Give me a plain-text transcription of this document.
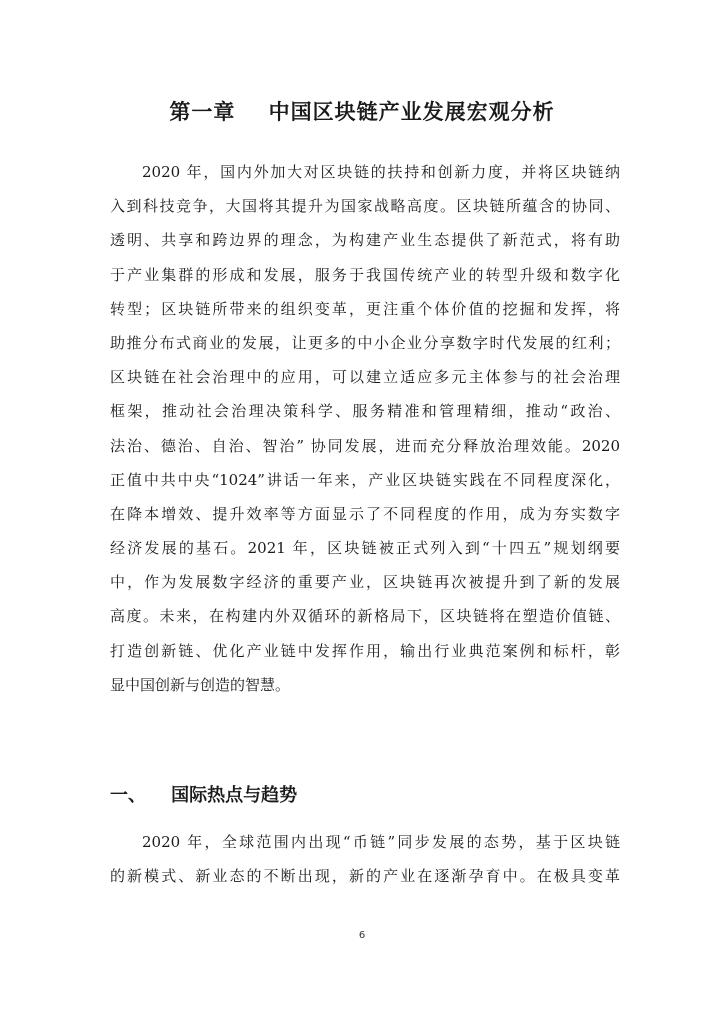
第一章    中国区块链产业发展宏观分析
2020 年，国内外加大对区块链的扶持和创新力度，并将区块链纳
入到科技竞争，大国将其提升为国家战略高度。区块链所蕴含的协同、
透明、共享和跨边界的理念，为构建产业生态提供了新范式，将有助
于产业集群的形成和发展，服务于我国传统产业的转型升级和数字化
转型；区块链所带来的组织变革，更注重个体价值的挖掘和发挥，将
助推分布式商业的发展，让更多的中小企业分享数字时代发展的红利；
区块链在社会治理中的应用，可以建立适应多元主体参与的社会治理
框架，推动社会治理决策科学、服务精准和管理精细，推动“政治、
法治、德治、自治、智治” 协同发展，进而充分释放治理效能。2020
正值中共中央“1024”讲话一年来，产业区块链实践在不同程度深化，
在降本增效、提升效率等方面显示了不同程度的作用，成为夯实数字
经济发展的基石。2021 年，区块链被正式列入到“十四五”规划纲要
中，作为发展数字经济的重要产业，区块链再次被提升到了新的发展
高度。未来，在构建内外双循环的新格局下，区块链将在塑造价值链、
打造创新链、优化产业链中发挥作用，输出行业典范案例和标杆，彰
显中国创新与创造的智慧。
一、    国际热点与趋势
2020 年，全球范围内出现“币链”同步发展的态势，基于区块链
的新模式、新业态的不断出现，新的产业在逐渐孕育中。在极具变革
6
